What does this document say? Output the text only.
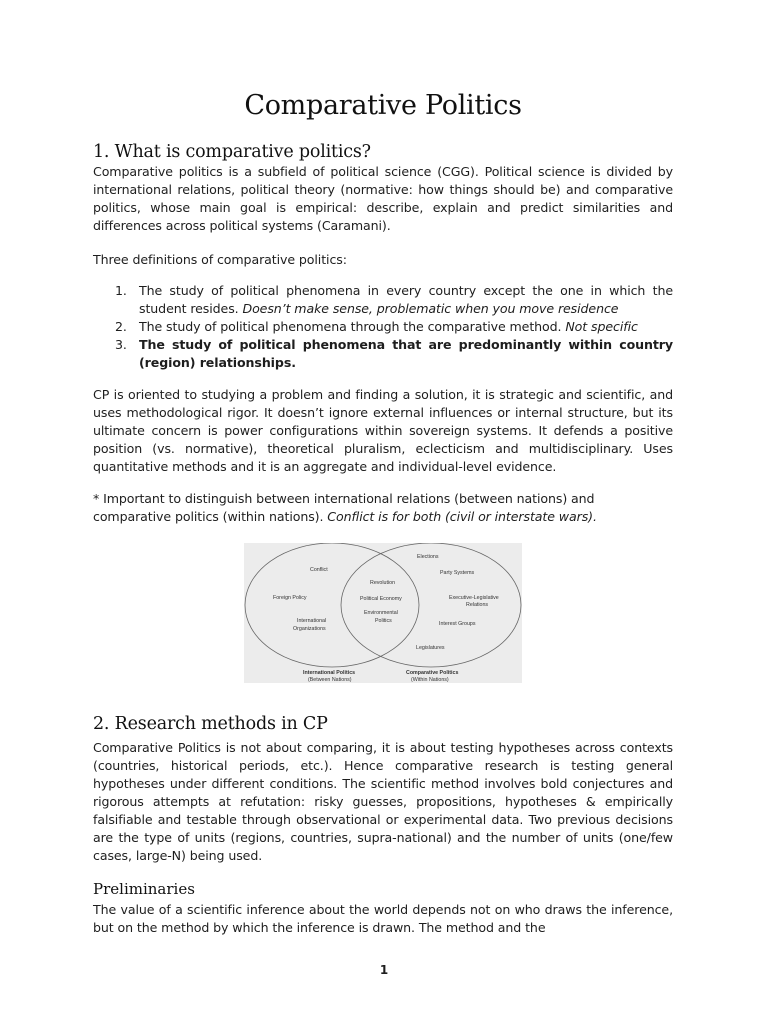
Comparative Politics
1. What is comparative politics?

Comparative politics is a subfield of political science (CGG). Political science is divided by international relations, political theory (normative: how things should be) and comparative politics, whose main goal is empirical: describe, explain and predict similarities and differences across political systems (Caramani).

Three definitions of comparative politics:

1. The study of political phenomena in every country except the one in which the student resides. Doesn’t make sense, problematic when you move residence
2. The study of political phenomena through the comparative method. Not specific
3. The study of political phenomena that are predominantly within country (region) relationships.

CP is oriented to studying a problem and finding a solution, it is strategic and scientific, and uses methodological rigor. It doesn’t ignore external influences or internal structure, but its ultimate concern is power configurations within sovereign systems. It defends a positive position (vs. normative), theoretical pluralism, eclecticism and multidisciplinary. Uses quantitative methods and it is an aggregate and individual-level evidence.

* Important to distinguish between international relations (between nations) and comparative politics (within nations). Conflict is for both (civil or interstate wars).

2. Research methods in CP

Comparative Politics is not about comparing, it is about testing hypotheses across contexts (countries, historical periods, etc.). Hence comparative research is testing general hypotheses under different conditions. The scientific method involves bold conjectures and rigorous attempts at refutation: risky guesses, propositions, hypotheses & empirically falsifiable and testable through observational or experimental data. Two previous decisions are the type of units (regions, countries, supra-national) and the number of units (one/few cases, large-N) being used.

Preliminaries

The value of a scientific inference about the world depends not on who draws the inference, but on the method by which the inference is drawn. The method and the

Conflict
Foreign Policy
International
Organizations
Revolution
Political Economy
Environmental
Politics
Elections
Party Systems
Executive-Legislative
Relations
Interest Groups
Legislatures
International Politics
(Between Nations)
Comparative Politics
(Within Nations)
1
